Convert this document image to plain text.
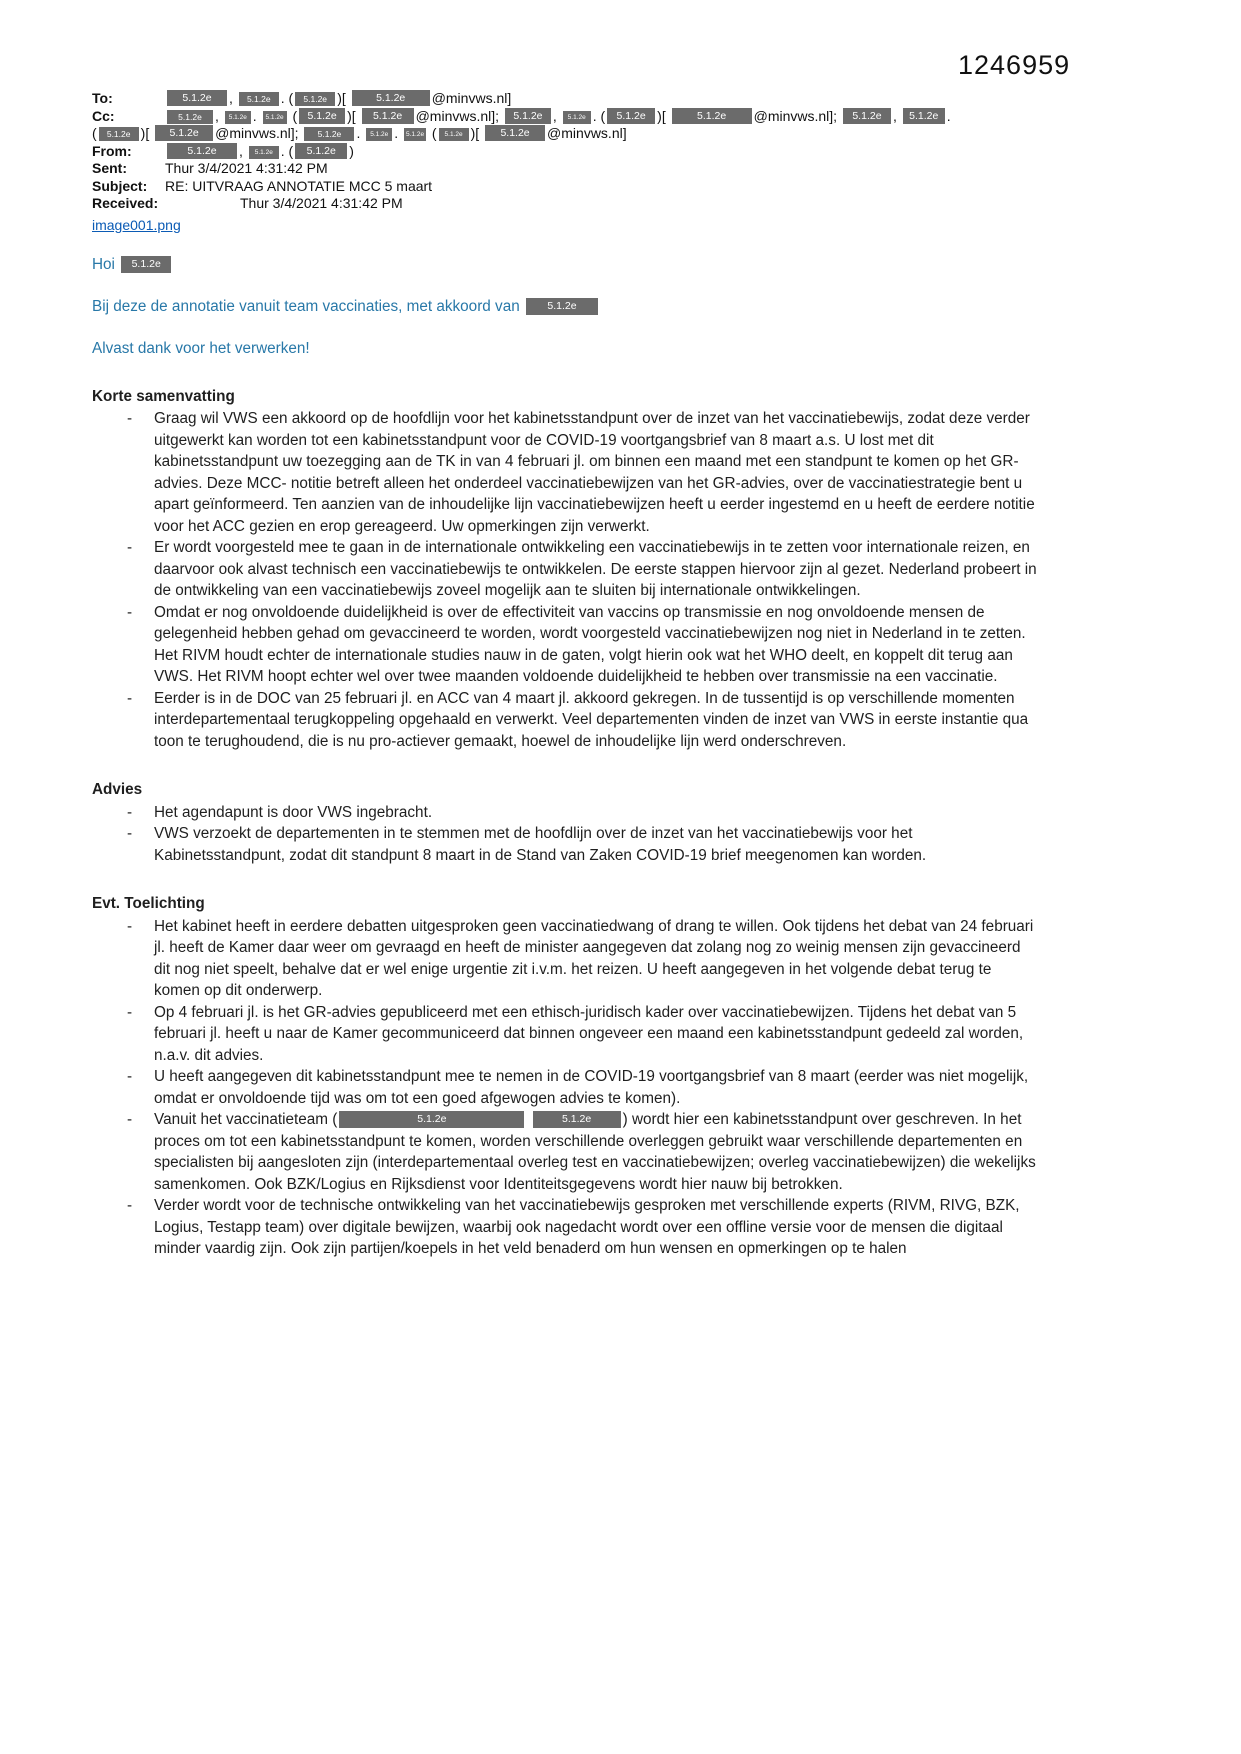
1246959
To:	5.1.2e , 5.1.2e . ( 5.1.2e )[	5.1.2e @minvws.nl]
Cc:	5.1.2e , 5.1.2e . 5.1.2e ( 5.1.2e )[ 5.1.2e @minvws.nl]; 5.1.2e , 5.1.2e . ( 5.1.2e )[	5.1.2e @minvws.nl]; 5.1.2e , 5.1.2e .
( 5.1.2e )[ 5.1.2e @minvws.nl]; 5.1.2e . 5.1.2e . 5.1.2e ( 5.1.2e )[ 5.1.2e @minvws.nl]
From:	5.1.2e , 5.1.2e . ( 5.1.2e )
Sent:	Thur 3/4/2021 4:31:42 PM
Subject: RE: UITVRAAG ANNOTATIE MCC 5 maart
Received:	Thur 3/4/2021 4:31:42 PM
image001.png
Hoi 5.1.2e
Bij deze de annotatie vanuit team vaccinaties, met akkoord van 5.1.2e
Alvast dank voor het verwerken!
Korte samenvatting
-	Graag wil VWS een akkoord op de hoofdlijn voor het kabinetsstandpunt over de inzet van het vaccinatiebewijs, zodat deze verder uitgewerkt kan worden tot een kabinetsstandpunt voor de COVID-19 voortgangsbrief van 8 maart a.s. U lost met dit kabinetsstandpunt uw toezegging aan de TK in van 4 februari jl. om binnen een maand met een standpunt te komen op het GR-advies. Deze MCC- notitie betreft alleen het onderdeel vaccinatiebewijzen van het GR-advies, over de vaccinatiestrategie bent u apart geïnformeerd. Ten aanzien van de inhoudelijke lijn vaccinatiebewijzen heeft u eerder ingestemd en u heeft de eerdere notitie voor het ACC gezien en erop gereageerd. Uw opmerkingen zijn verwerkt.
-	Er wordt voorgesteld mee te gaan in de internationale ontwikkeling een vaccinatiebewijs in te zetten voor internationale reizen, en daarvoor ook alvast technisch een vaccinatiebewijs te ontwikkelen. De eerste stappen hiervoor zijn al gezet. Nederland probeert in de ontwikkeling van een vaccinatiebewijs zoveel mogelijk aan te sluiten bij internationale ontwikkelingen.
-	Omdat er nog onvoldoende duidelijkheid is over de effectiviteit van vaccins op transmissie en nog onvoldoende mensen de gelegenheid hebben gehad om gevaccineerd te worden, wordt voorgesteld vaccinatiebewijzen nog niet in Nederland in te zetten. Het RIVM houdt echter de internationale studies nauw in de gaten, volgt hierin ook wat het WHO deelt, en koppelt dit terug aan VWS. Het RIVM hoopt echter wel over twee maanden voldoende duidelijkheid te hebben over transmissie na een vaccinatie.
-	Eerder is in de DOC van 25 februari jl. en ACC van 4 maart jl. akkoord gekregen. In de tussentijd is op verschillende momenten interdepartementaal terugkoppeling opgehaald en verwerkt. Veel departementen vinden de inzet van VWS in eerste instantie qua toon te terughoudend, die is nu pro-actiever gemaakt, hoewel de inhoudelijke lijn werd onderschreven.
Advies
-	Het agendapunt is door VWS ingebracht.
-	VWS verzoekt de departementen in te stemmen met de hoofdlijn over de inzet van het vaccinatiebewijs voor het Kabinetsstandpunt, zodat dit standpunt 8 maart in de Stand van Zaken COVID-19 brief meegenomen kan worden.
Evt. Toelichting
-	Het kabinet heeft in eerdere debatten uitgesproken geen vaccinatiedwang of drang te willen. Ook tijdens het debat van 24 februari jl. heeft de Kamer daar weer om gevraagd en heeft de minister aangegeven dat zolang nog zo weinig mensen zijn gevaccineerd dit nog niet speelt, behalve dat er wel enige urgentie zit i.v.m. het reizen. U heeft aangegeven in het volgende debat terug te komen op dit onderwerp.
-	Op 4 februari jl. is het GR-advies gepubliceerd met een ethisch-juridisch kader over vaccinatiebewijzen. Tijdens het debat van 5 februari jl. heeft u naar de Kamer gecommuniceerd dat binnen ongeveer een maand een kabinetsstandpunt gedeeld zal worden, n.a.v. dit advies.
-	U heeft aangegeven dit kabinetsstandpunt mee te nemen in de COVID-19 voortgangsbrief van 8 maart (eerder was niet mogelijk, omdat er onvoldoende tijd was om tot een goed afgewogen advies te komen).
-	Vanuit het vaccinatieteam (	5.1.2e	5.1.2e ) wordt hier een kabinetsstandpunt over geschreven. In het proces om tot een kabinetsstandpunt te komen, worden verschillende overleggen gebruikt waar verschillende departementen en specialisten bij aangesloten zijn (interdepartementaal overleg test en vaccinatiebewijzen; overleg vaccinatiebewijzen) die wekelijks samenkomen. Ook BZK/Logius en Rijksdienst voor Identiteitsgegevens wordt hier nauw bij betrokken.
-	Verder wordt voor de technische ontwikkeling van het vaccinatiebewijs gesproken met verschillende experts (RIVM, RIVG, BZK, Logius, Testapp team) over digitale bewijzen, waarbij ook nagedacht wordt over een offline versie voor de mensen die digitaal minder vaardig zijn. Ook zijn partijen/koepels in het veld benaderd om hun wensen en opmerkingen op te halen
